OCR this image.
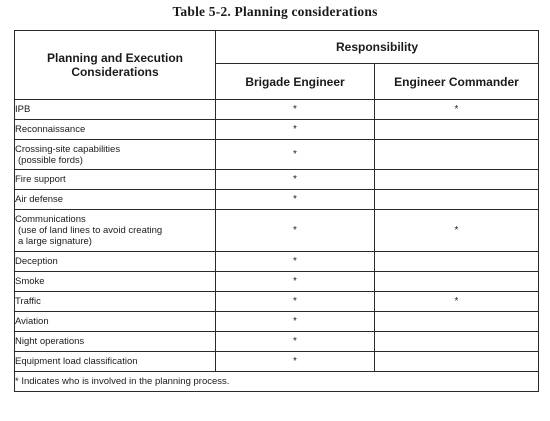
Table 5-2. Planning considerations
Planning and Execution
Considerations	Responsibility	
	Brigade Engineer	Engineer Commander

IPB	*	*

Reconnaissance	*	

Crossing-site capabilities
(possible fords)	*	

Fire support	*	

Air defense	*	

Communications
(use of land lines to avoid creating
a large signature)	*	*

Deception	*	

Smoke	*	

Traffic	*	*

Aviation	*	

Night operations	*	

Equipment load classification	*	
* Indicates who is involved in the planning process.		
